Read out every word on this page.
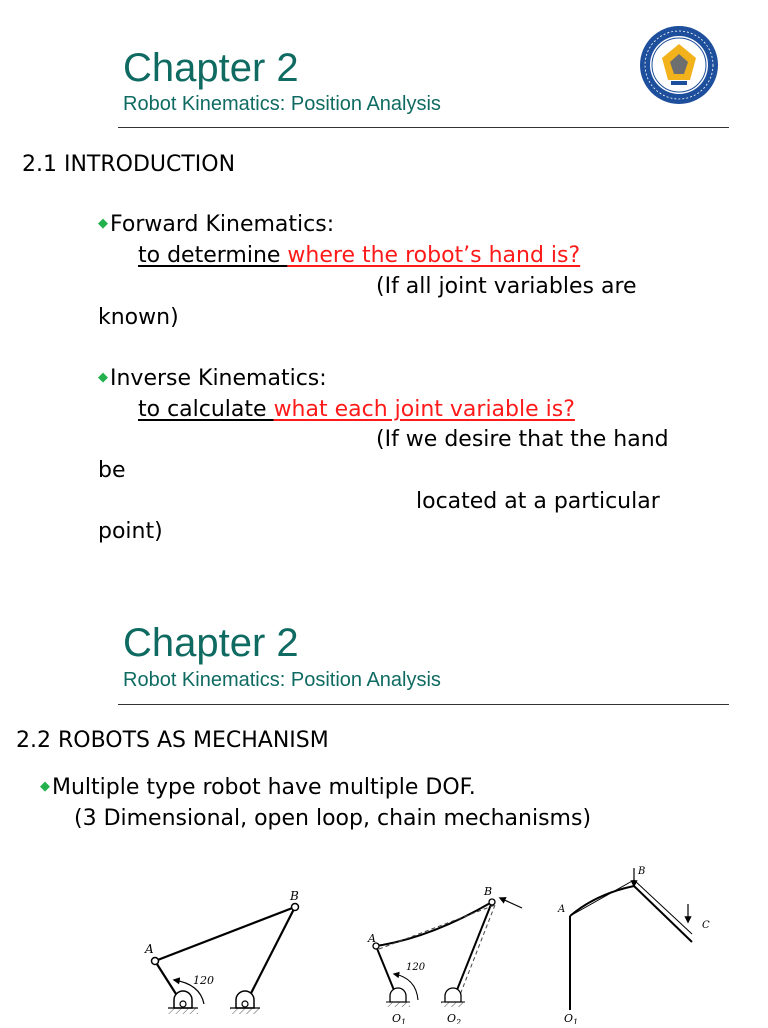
Chapter 2
Robot Kinematics: Position Analysis
2.1 INTRODUCTION
◆Forward Kinematics:
to determine where the robot’s hand is?
(If all joint variables are
known)
◆Inverse Kinematics:
to calculate what each joint variable is?
(If we desire that the hand
be
located at a particular
point)
Chapter 2
Robot Kinematics: Position Analysis
2.2 ROBOTS AS MECHANISM
◆Multiple type robot have multiple DOF.
(3 Dimensional, open loop, chain mechanisms)
A
B
120
A
B
120
$O_1$	$O_2$
A
B
C
$O_1$
